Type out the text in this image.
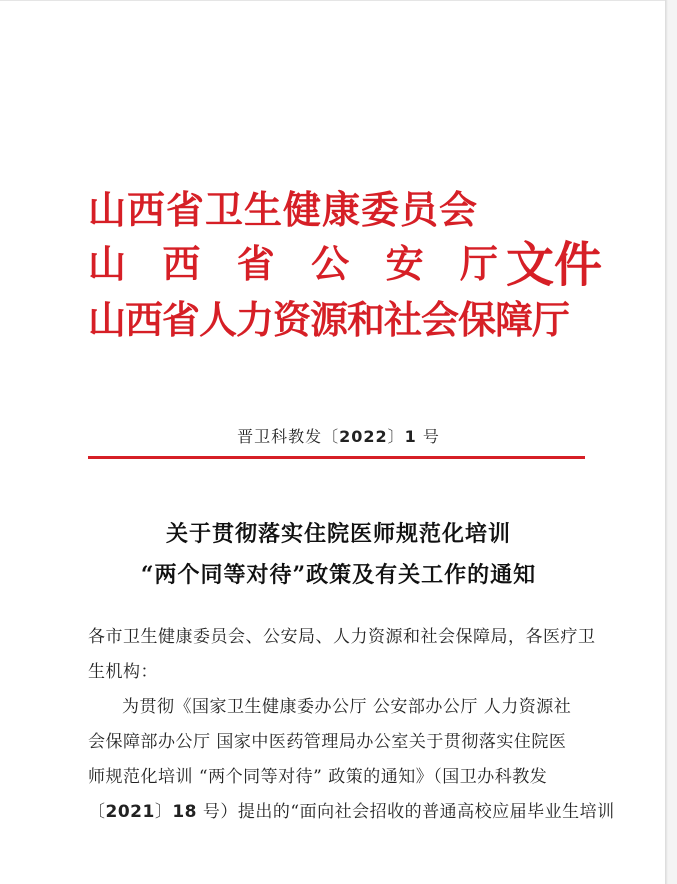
山西省卫生健康委员会
山 西 省 公 安 厅
山西省人力资源和社会保障厅
文件
晋卫科教发〔2022〕1 号
关于贯彻落实住院医师规范化培训
“两个同等对待”政策及有关工作的通知
各市卫生健康委员会、公安局、人力资源和社会保障局，各医疗卫
生机构：
为贯彻《国家卫生健康委办公厅 公安部办公厅 人力资源社
会保障部办公厅 国家中医药管理局办公室关于贯彻落实住院医
师规范化培训 “两个同等对待” 政策的通知》（国卫办科教发
〔2021〕18 号）提出的“面向社会招收的普通高校应届毕业生培训
